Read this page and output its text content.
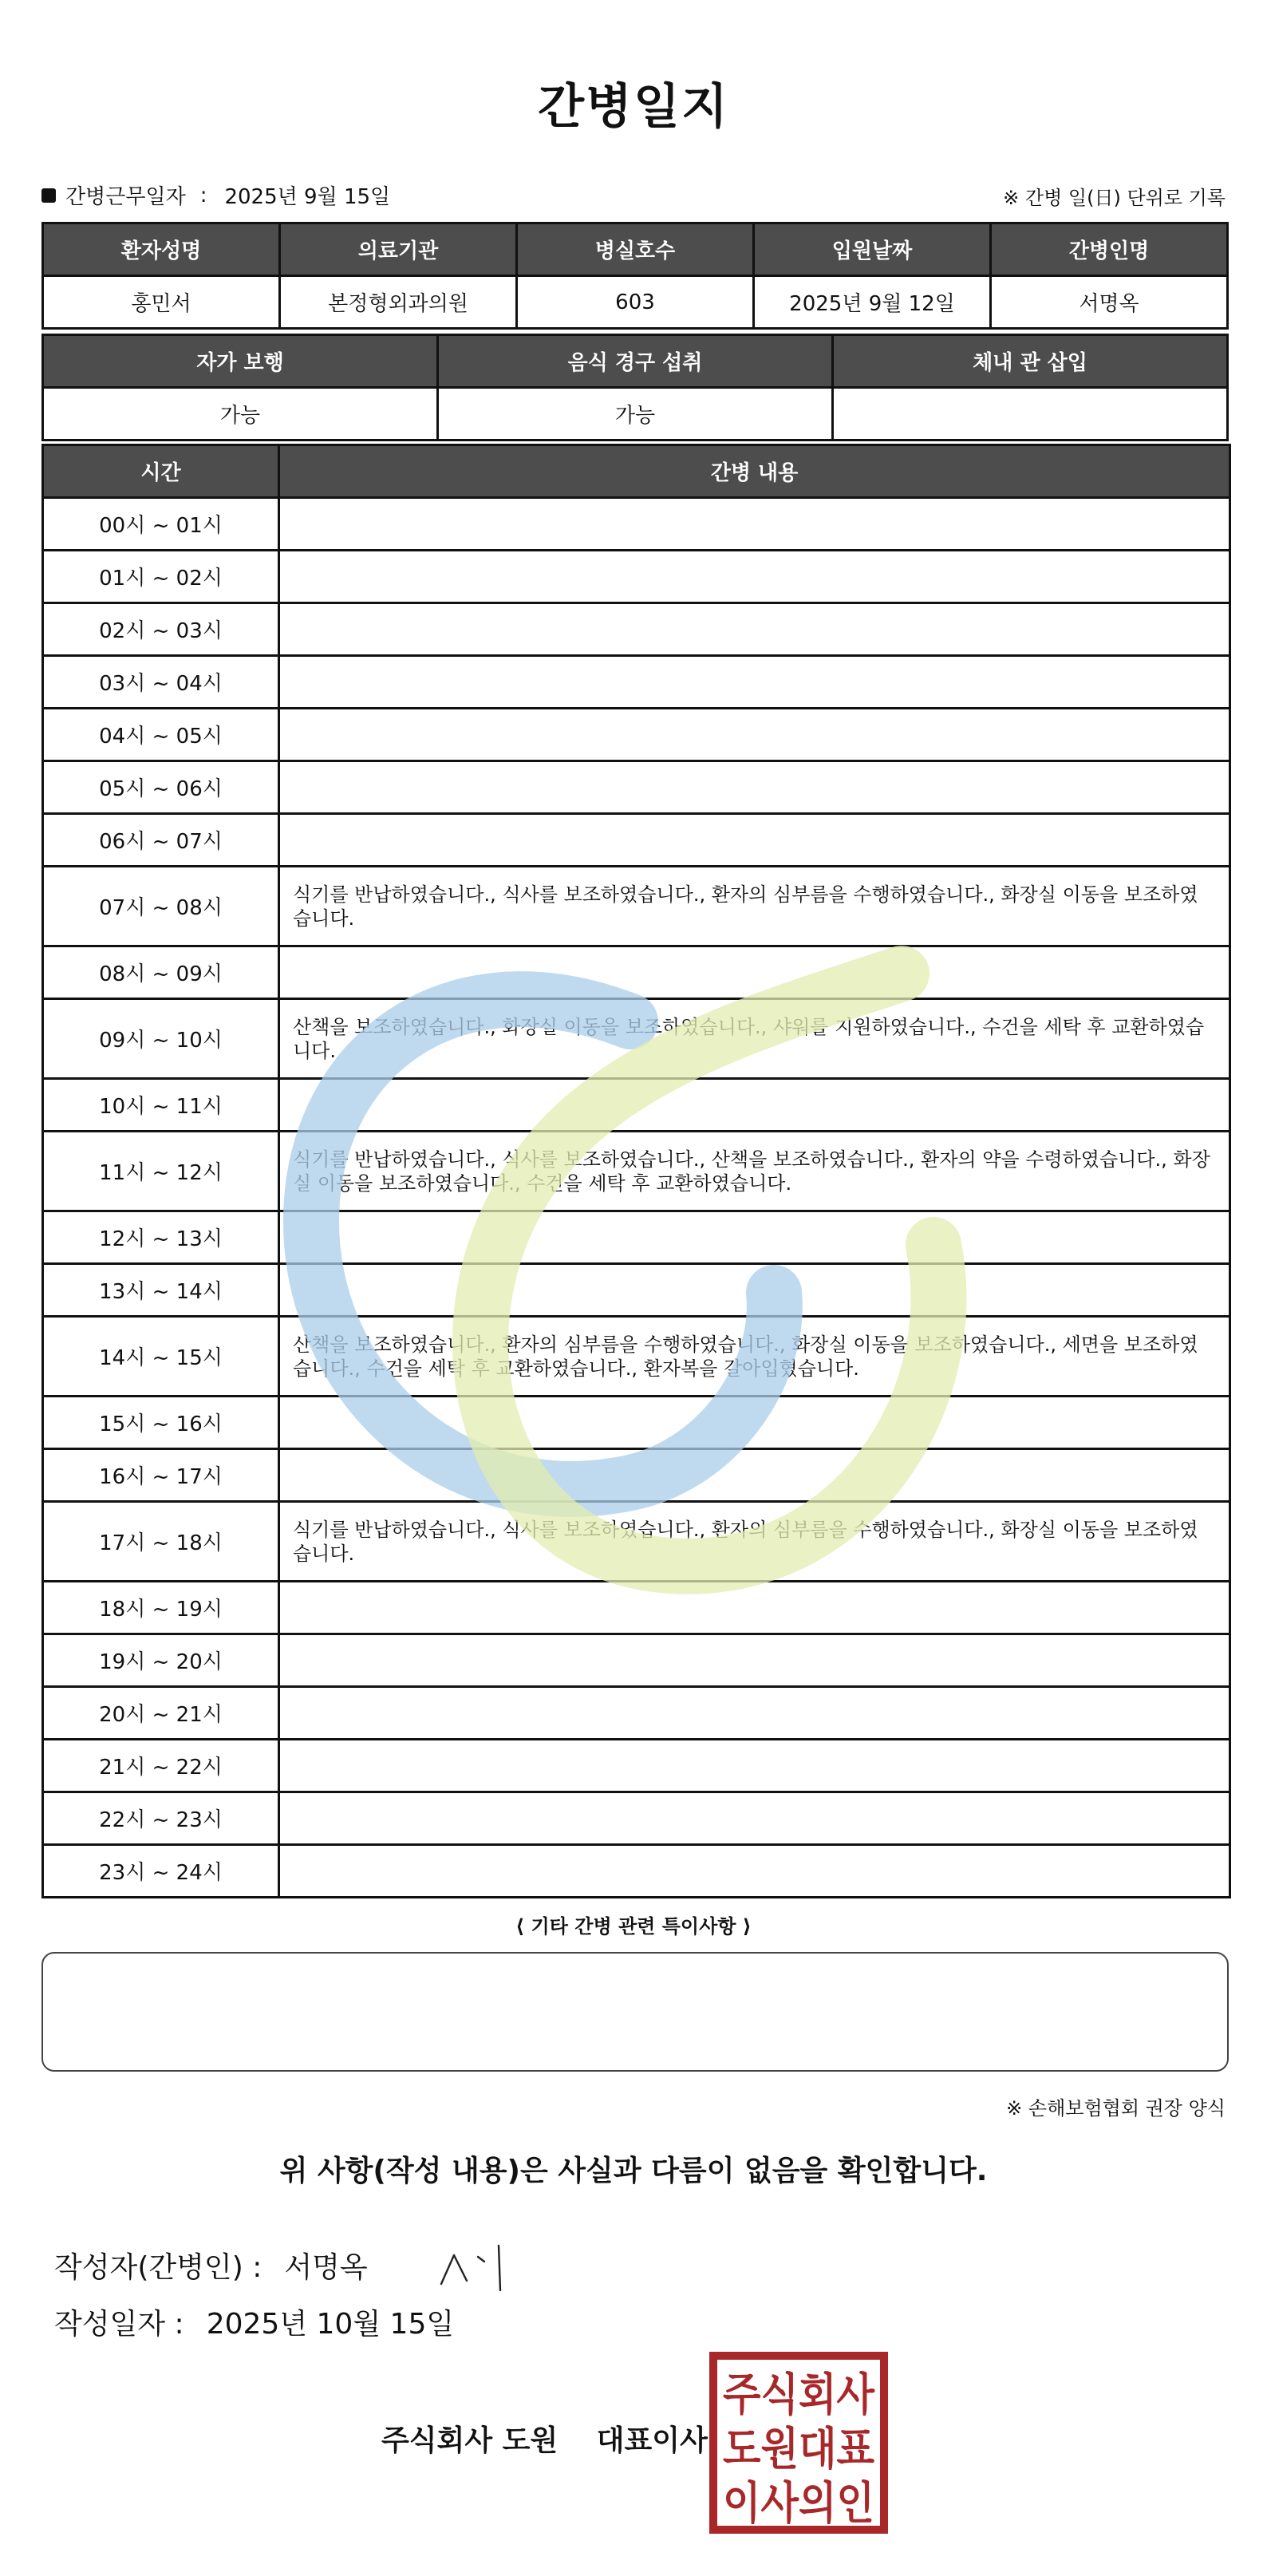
간병일지
간병근무일자 : 2025년 9월 15일	※ 간병 일(日) 단위로 기록
환자성명	의료기관	병실호수	입원날짜	간병인명
홍민서	본정형외과의원	603	2025년 9월 12일	서명옥
자가 보행	음식 경구 섭취	체내 관 삽입
가능	가능	
시간	간병 내용
00시 ~ 01시	
01시 ~ 02시	
02시 ~ 03시	
03시 ~ 04시	
04시 ~ 05시	
05시 ~ 06시	
06시 ~ 07시	
07시 ~ 08시	식기를 반납하였습니다., 식사를 보조하였습니다., 환자의 심부름을 수행하였습니다., 화장실 이동을 보조하였습니다.
08시 ~ 09시	
09시 ~ 10시	산책을 보조하였습니다., 화장실 이동을 보조하였습니다., 샤워를 지원하였습니다., 수건을 세탁 후 교환하였습니다.
10시 ~ 11시	
11시 ~ 12시	식기를 반납하였습니다., 식사를 보조하였습니다., 산책을 보조하였습니다., 환자의 약을 수령하였습니다., 화장실 이동을 보조하였습니다., 수건을 세탁 후 교환하였습니다.
12시 ~ 13시	
13시 ~ 14시	
14시 ~ 15시	산책을 보조하였습니다., 환자의 심부름을 수행하였습니다., 화장실 이동을 보조하였습니다., 세면을 보조하였습니다., 수건을 세탁 후 교환하였습니다., 환자복을 갈아입혔습니다.
15시 ~ 16시	
16시 ~ 17시	
17시 ~ 18시	식기를 반납하였습니다., 식사를 보조하였습니다., 환자의 심부름을 수행하였습니다., 화장실 이동을 보조하였습니다.
18시 ~ 19시	
19시 ~ 20시	
20시 ~ 21시	
21시 ~ 22시	
22시 ~ 23시	
23시 ~ 24시	
⟨ 기타 간병 관련 특이사항 ⟩
※ 손해보험협회 권장 양식
위 사항(작성 내용)은 사실과 다름이 없음을 확인합니다.
작성자(간병인) : 서명옥
작성일자 : 2025년 10월 15일
주식회사 도원 대표이사
주식회사
도원대표
이사의인
